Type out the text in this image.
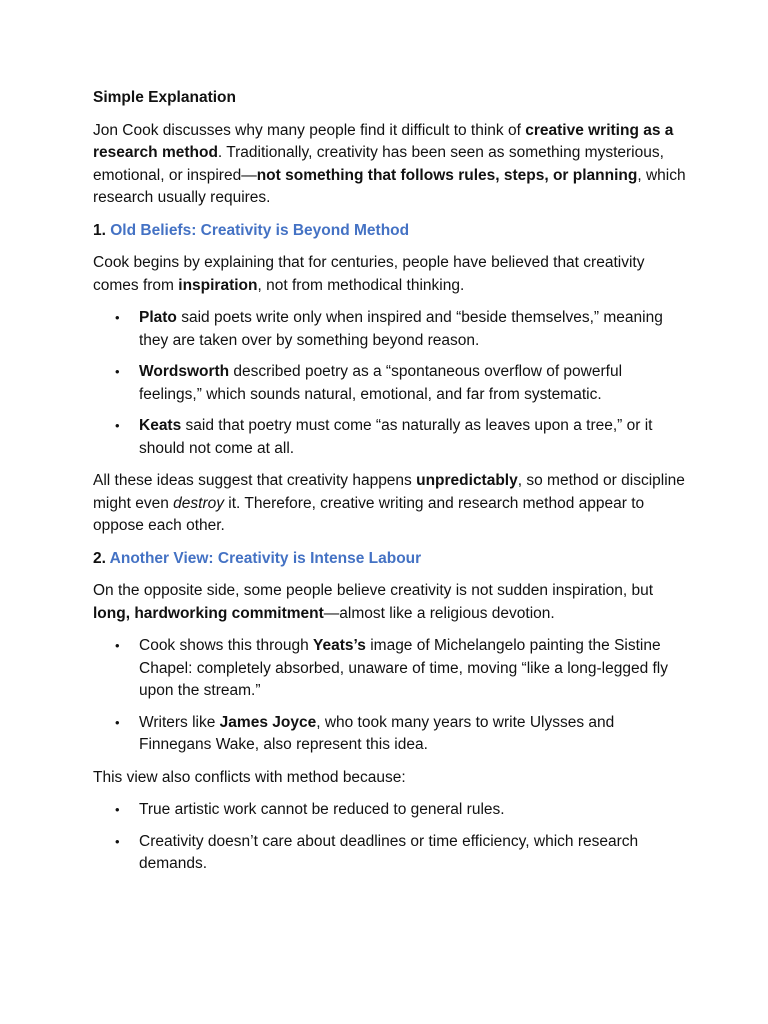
Simple Explanation

Jon Cook discusses why many people find it difficult to think of creative writing as a research method. Traditionally, creativity has been seen as something mysterious, emotional, or inspired—not something that follows rules, steps, or planning, which research usually requires.

1. Old Beliefs: Creativity is Beyond Method

Cook begins by explaining that for centuries, people have believed that creativity comes from inspiration, not from methodical thinking.

• Plato said poets write only when inspired and “beside themselves,” meaning they are taken over by something beyond reason.
• Wordsworth described poetry as a “spontaneous overflow of powerful feelings,” which sounds natural, emotional, and far from systematic.
• Keats said that poetry must come “as naturally as leaves upon a tree,” or it should not come at all.

All these ideas suggest that creativity happens unpredictably, so method or discipline might even destroy it. Therefore, creative writing and research method appear to oppose each other.

2. Another View: Creativity is Intense Labour

On the opposite side, some people believe creativity is not sudden inspiration, but long, hardworking commitment—almost like a religious devotion.

• Cook shows this through Yeats’s image of Michelangelo painting the Sistine Chapel: completely absorbed, unaware of time, moving “like a long-legged fly upon the stream.”
• Writers like James Joyce, who took many years to write Ulysses and Finnegans Wake, also represent this idea.

This view also conflicts with method because:

• True artistic work cannot be reduced to general rules.
• Creativity doesn’t care about deadlines or time efficiency, which research demands.
